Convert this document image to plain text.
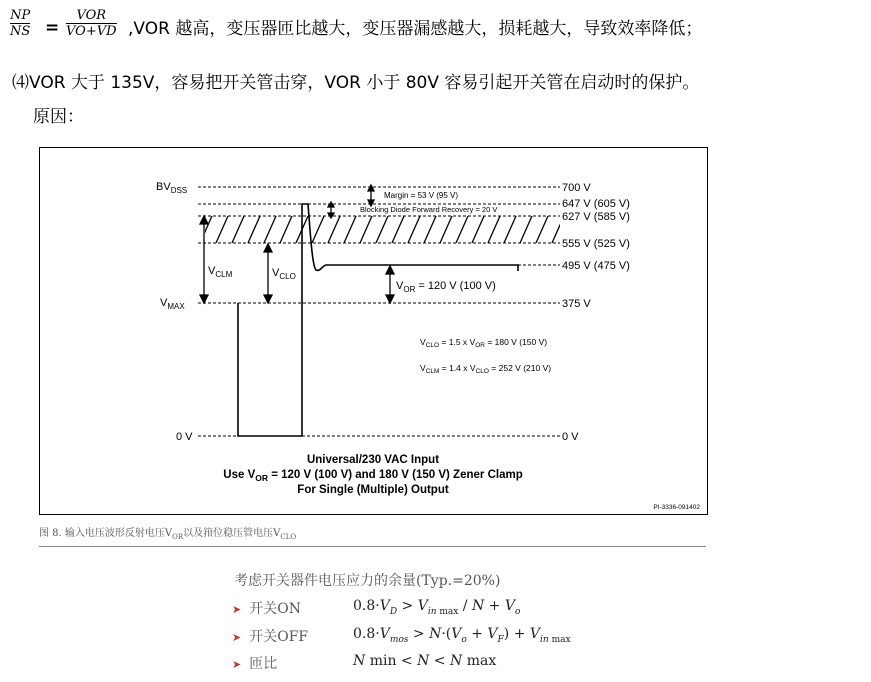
NP
NS =
VOR
VO+VD ,VOR 越高，变压器匝比越大，变压器漏感越大，损耗越大，导致效率降低；
⑷VOR 大于 135V，容易把开关管击穿，VOR 小于 80V 容易引起开关管在启动时的保护。
原因：
$BV_{DSS}$
$V_{MAX}$
0 V
$V_{CLM}$	$V_{CLO}$
700 V
647 V (605 V)
627 V (585 V)
555 V (525 V)
495 V (475 V)
375 V
0 V
Margin = 53 V (95 V)
Blocking Diode Forward Recovery = 20 V
$V_{OR} = 120$ V (100 V)
$V_{CLO} = 1.5$ x $V_{OR} = 180$ V (150 V)
$V_{CLM} = 1.4$ x $V_{CLO} = 252$ V (210 V)
Universal/230 VAC Input
Use $V_{OR} = 120$ V (100 V) and 180 V (150 V) Zener Clamp
For Single (Multiple) Output
PI-3336-091402
图 8. 输入电压波形反射电压$V_{OR}$以及箝位稳压管电压$V_{CLO}$
考虑开关器件电压应力的余量(Typ.=20%)
➤ 开关ON	$0.8\cdot V_D > V_{in max} / N + V_o$
➤ 开关OFF	$0.8\cdot V_{mos} > N\cdot(V_o + V_F) + V_{in max}$
➤ 匝比	N min < N < N max
